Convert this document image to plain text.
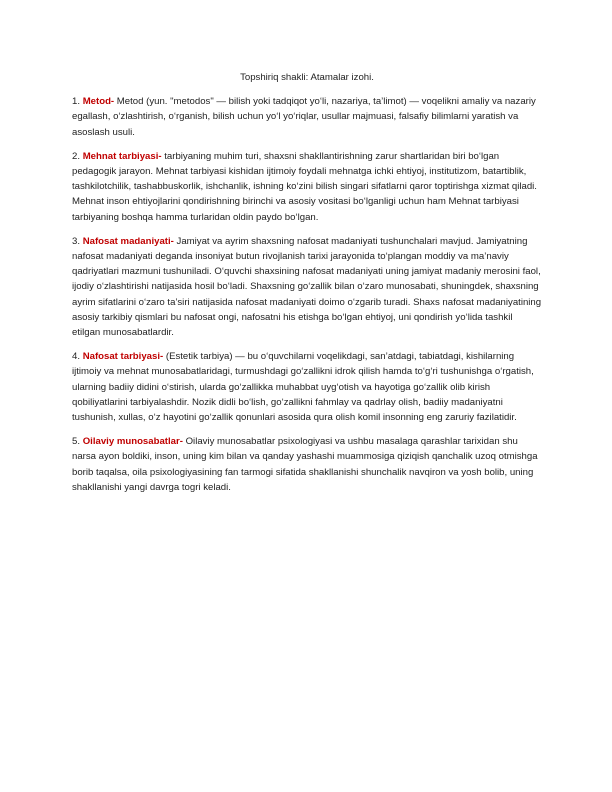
Topshiriq shakli: Atamalar izohi.

1. Metod- Metod (yun. "metodos" — bilish yoki tadqiqot yo‘li, nazariya, ta’limot) — voqelikni amaliy va nazariy egallash, o‘zlashtirish, o‘rganish, bilish uchun yo‘l yo‘riqlar, usullar majmuasi, falsafiy bilimlarni yaratish va asoslash usuli.

2. Mehnat tarbiyasi- tarbiyaning muhim turi, shaxsni shakllantirishning zarur shartlaridan biri bo‘lgan pedagogik jarayon. Mehnat tarbiyasi kishidan ijtimoiy foydali mehnatga ichki ehtiyoj, institutizom, batartiblik, tashkilotchilik, tashabbuskorlik, ishchanlik, ishning ko‘zini bilish singari sifatlarni qaror toptirishga xizmat qiladi. Mehnat inson ehtiyojlarini qondirishning birinchi va asosiy vositasi bo‘lganligi uchun ham Mehnat tarbiyasi tarbiyaning boshqa hamma turlaridan oldin paydo bo‘lgan.

3. Nafosat madaniyati- Jamiyat va ayrim shaxsning nafosat madaniyati tushunchalari mavjud. Jamiyatning nafosat madaniyati deganda insoniyat butun rivojlanish tarixi jarayonida to‘plangan moddiy va ma’naviy qadriyatlari mazmuni tushuniladi. O‘quvchi shaxsining nafosat madaniyati uning jamiyat madaniy merosini faol, ijodiy o‘zlashtirishi natijasida hosil bo‘ladi. Shaxsning go‘zallik bilan o‘zaro munosabati, shuningdek, shaxsning ayrim sifatlarini o‘zaro ta’siri natijasida nafosat madaniyati doimo o‘zgarib turadi. Shaxs nafosat madaniyatining asosiy tarkibiy qismlari bu nafosat ongi, nafosatni his etishga bo‘lgan ehtiyoj, uni qondirish yo‘lida tashkil etilgan munosabatlardir.

4. Nafosat tarbiyasi- (Estetik tarbiya) — bu o‘quvchilarni voqelikdagi, san’atdagi, tabiatdagi, kishilarning ijtimoiy va mehnat munosabatlaridagi, turmushdagi go‘zallikni idrok qilish hamda to‘g‘ri tushunishga o‘rgatish, ularning badiiy didini o‘stirish, ularda go‘zallikka muhabbat uyg‘otish va hayotiga go‘zallik olib kirish qobiliyatlarini tarbiyalashdir. Nozik didli bo‘lish, go‘zallikni fahmlay va qadrlay olish, badiiy madaniyatni tushunish, xullas, o‘z hayotini go‘zallik qonunlari asosida qura olish komil insonning eng zaruriy fazilatidir.

5. Oilaviy munosabatlar- Oilaviy munosabatlar psixologiyasi va ushbu masalaga qarashlar tarixidan shu narsa ayon boldiki, inson, uning kim bilan va qanday yashashi muammosiga qiziqish qanchalik uzoq otmishga borib taqalsa, oila psixologiyasining fan tarmogi sifatida shakllanishi shunchalik navqiron va yosh bolib, uning shakllanishi yangi davrga togri keladi.
